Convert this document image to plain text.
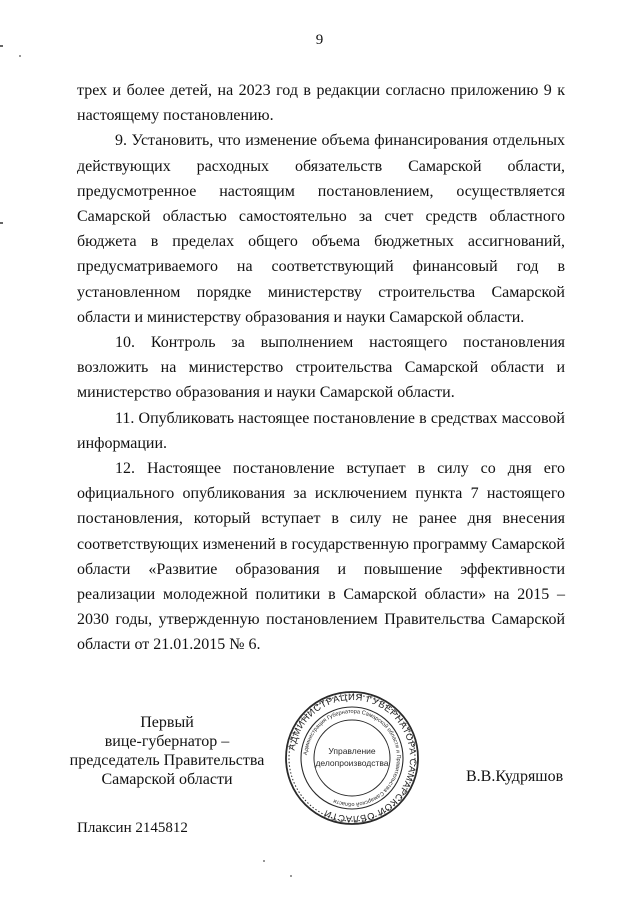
9

трех и более детей, на 2023 год в редакции согласно приложению 9 к настоящему постановлению.

9. Установить, что изменение объема финансирования отдельных действующих расходных обязательств Самарской области, предусмотренное настоящим постановлением, осуществляется Самарской областью самостоятельно за счет средств областного бюджета в пределах общего объема бюджетных ассигнований, предусматриваемого на соответствующий финансовый год в установленном порядке министерству строительства Самарской области и министерству образования и науки Самарской области.

10. Контроль за выполнением настоящего постановления возложить на министерство строительства Самарской области и министерство образования и науки Самарской области.

11. Опубликовать настоящее постановление в средствах массовой информации.

12. Настоящее постановление вступает в силу со дня его официального опубликования за исключением пункта 7 настоящего постановления, который вступает в силу не ранее дня внесения соответствующих изменений в государственную программу Самарской области «Развитие образования и повышение эффективности реализации молодежной политики в Самарской области» на 2015 – 2030 годы, утвержденную постановлением Правительства Самарской области от 21.01.2015 № 6.

Первый
вице-губернатор –
председатель Правительства
Самарской области
АДМИНИСТРАЦИЯ ГУБЕРНАТОРА САМАРСКОЙ ОБЛАСТИ
Администрация Губернатора Самарской области и Правительства Самарской области
Управление
делопроизводства
В.В.Кудряшов
Плаксин 2145812
